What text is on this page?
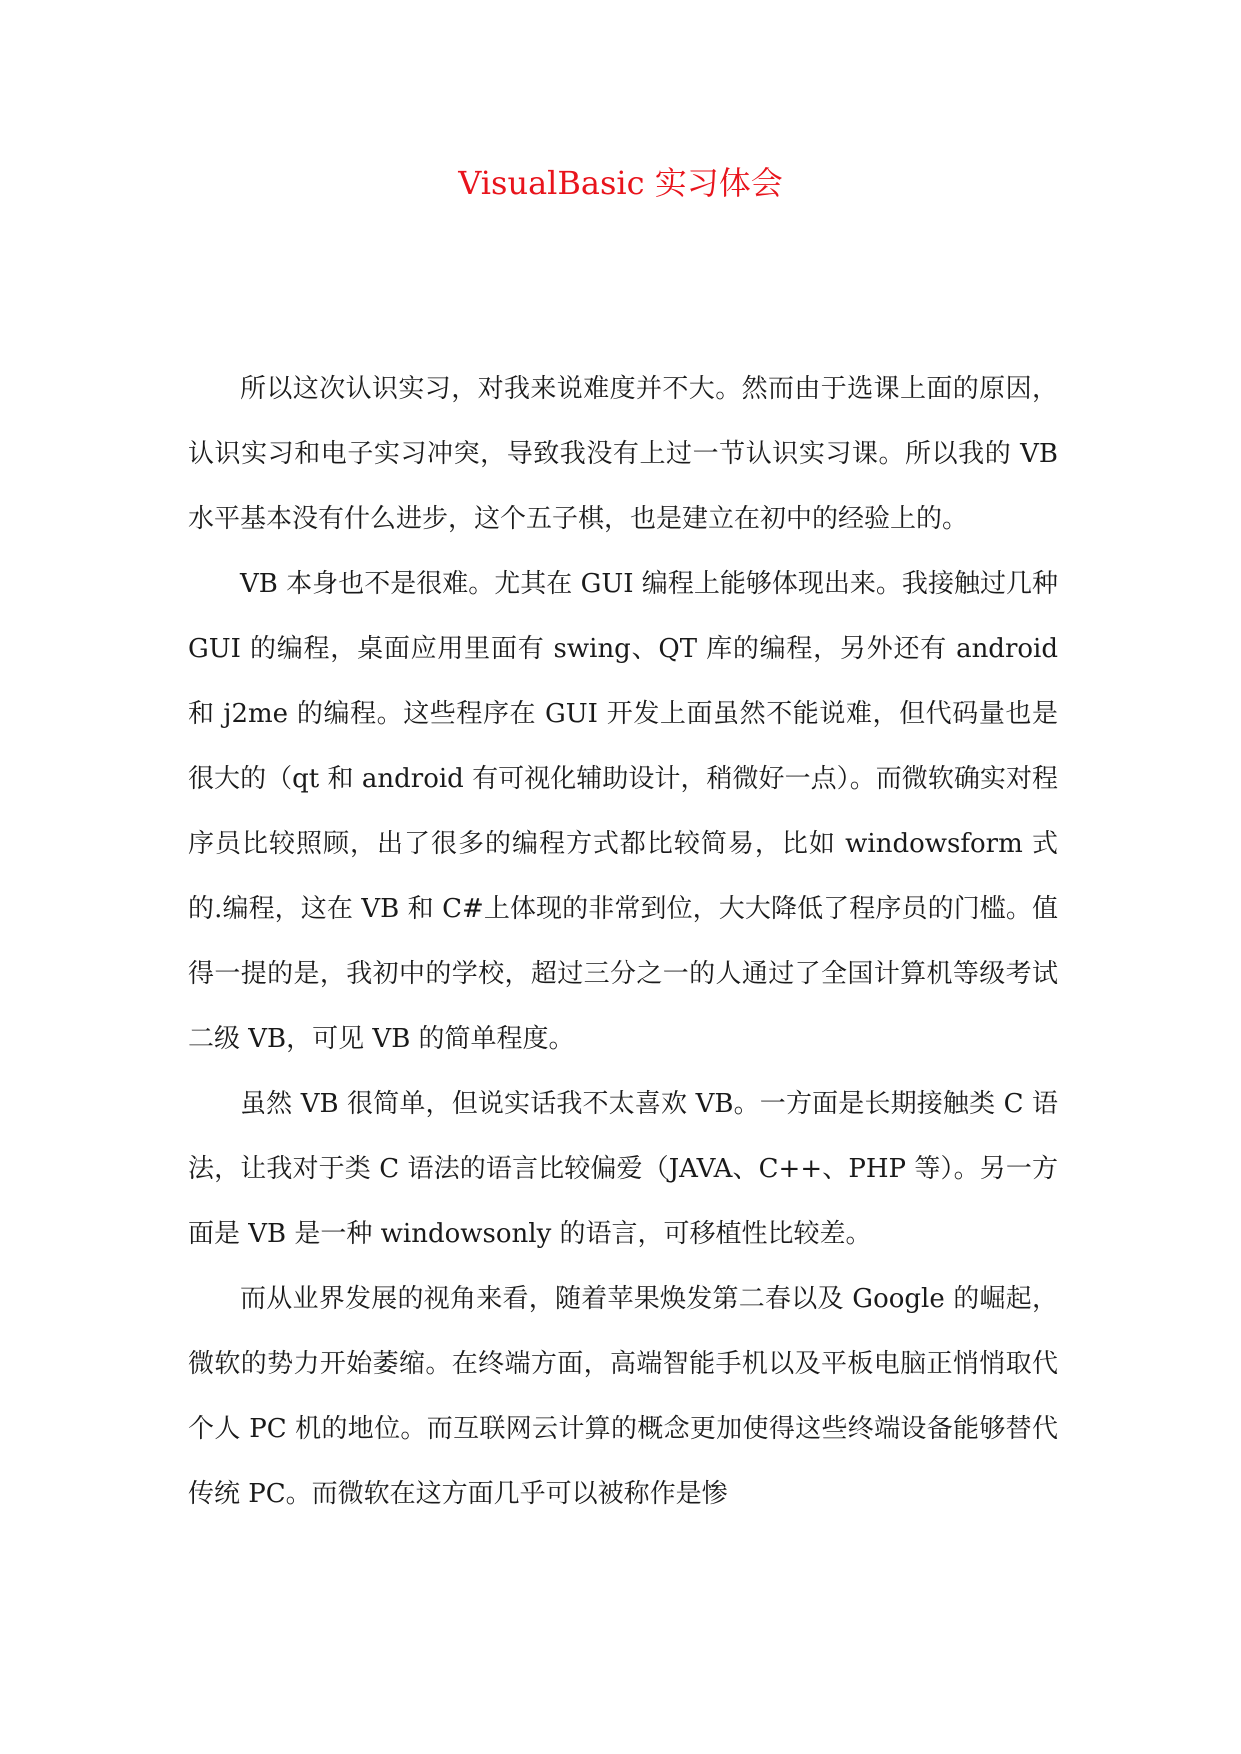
VisualBasic 实习体会

所以这次认识实习，对我来说难度并不大。然而由于选课上面的原因，认识实习和电子实习冲突，导致我没有上过一节认识实习课。所以我的 VB 水平基本没有什么进步，这个五子棋，也是建立在初中的经验上的。

VB 本身也不是很难。尤其在 GUI 编程上能够体现出来。我接触过几种 GUI 的编程，桌面应用里面有 swing、QT 库的编程，另外还有 android 和 j2me 的编程。这些程序在 GUI 开发上面虽然不能说难，但代码量也是很大的（qt 和 android 有可视化辅助设计，稍微好一点）。而微软确实对程序员比较照顾，出了很多的编程方式都比较简易，比如 windowsform 式的.编程，这在 VB 和 C#上体现的非常到位，大大降低了程序员的门槛。值得一提的是，我初中的学校，超过三分之一的人通过了全国计算机等级考试二级 VB，可见 VB 的简单程度。

虽然 VB 很简单，但说实话我不太喜欢 VB。一方面是长期接触类 C 语法，让我对于类 C 语法的语言比较偏爱（JAVA、C++、PHP 等）。另一方面是 VB 是一种 windowsonly 的语言，可移植性比较差。

而从业界发展的视角来看，随着苹果焕发第二春以及 Google 的崛起，微软的势力开始萎缩。在终端方面，高端智能手机以及平板电脑正悄悄取代个人 PC 机的地位。而互联网云计算的概念更加使得这些终端设备能够替代传统 PC。而微软在这方面几乎可以被称作是惨
